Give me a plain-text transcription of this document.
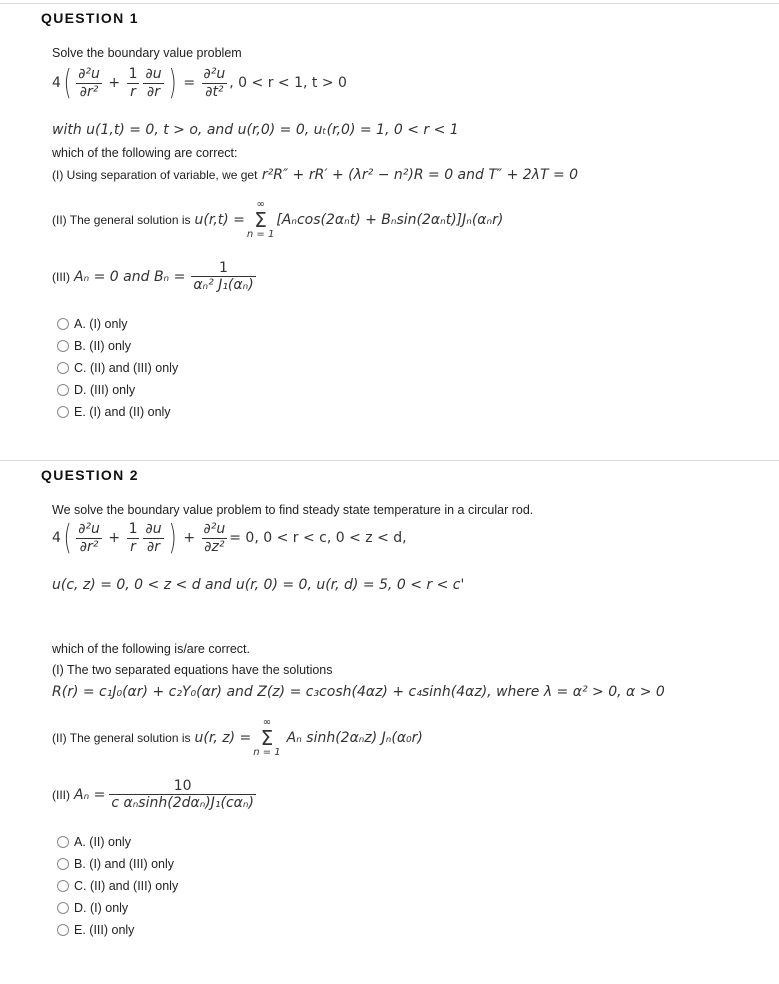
QUESTION 1
Solve the boundary value problem
$4( \frac{\text{∂²u}}{\text{∂r²}} + \frac{1}{r} \frac{\partial u}{\partial r}$ ) = $\frac{\text{∂²u}}{\text{∂t²}}$ , 0 < r < 1, t > 0
with u(1,t) = 0, t > o, and u(r,0) = 0, uₜ(r,0) = 1, 0 < r < 1
which of the following are correct:
(I) Using separation of variable, we get r²R″ + rR′ + (λr² − n²)R = 0 and T″ + 2λT = 0
(II) The general solution is u(r,t) =
∞
Σ
n = 1
[Aₙcos(2αₙt) + Bₙsin(2αₙt)]Jₙ(αₙr)
(III) Aₙ = 0 and $B_n = \frac{1}{\text{αₙ² J₁(αₙ)}}$
A. (I) only
B. (II) only
C. (II) and (III) only
D. (III) only
E. (I) and (II) only
QUESTION 2
We solve the boundary value problem to find steady state temperature in a circular rod.
$4( \frac{\text{∂²u}}{\text{∂r²}} + \frac{1}{r} \frac{\partial u}{\partial r}$ ) + $\frac{\text{∂²u}}{\text{∂z²}} = 0$, 0 < r < c, 0 < z < d,
u(c, z) = 0, 0 < z < d and u(r, 0) = 0, u(r, d) = 5, 0 < r < c'
which of the following is/are correct.
(I) The two separated equations have the solutions
R(r) = c₁J₀(αr) + c₂Y₀(αr) and Z(z) = c₃cosh(4αz) + c₄sinh(4αz), where λ = α² > 0, α > 0
(II) The general solution is u(r, z) =
∞
Σ
n = 1
Aₙ sinh(2αₙz) Jₙ(α₀r)
(III) $A_n = \frac{10}{\text{c αₙsinh(2dαₙ)J₁(cαₙ)}}$
A. (II) only
B. (I) and (III) only
C. (II) and (III) only
D. (I) only
E. (III) only
